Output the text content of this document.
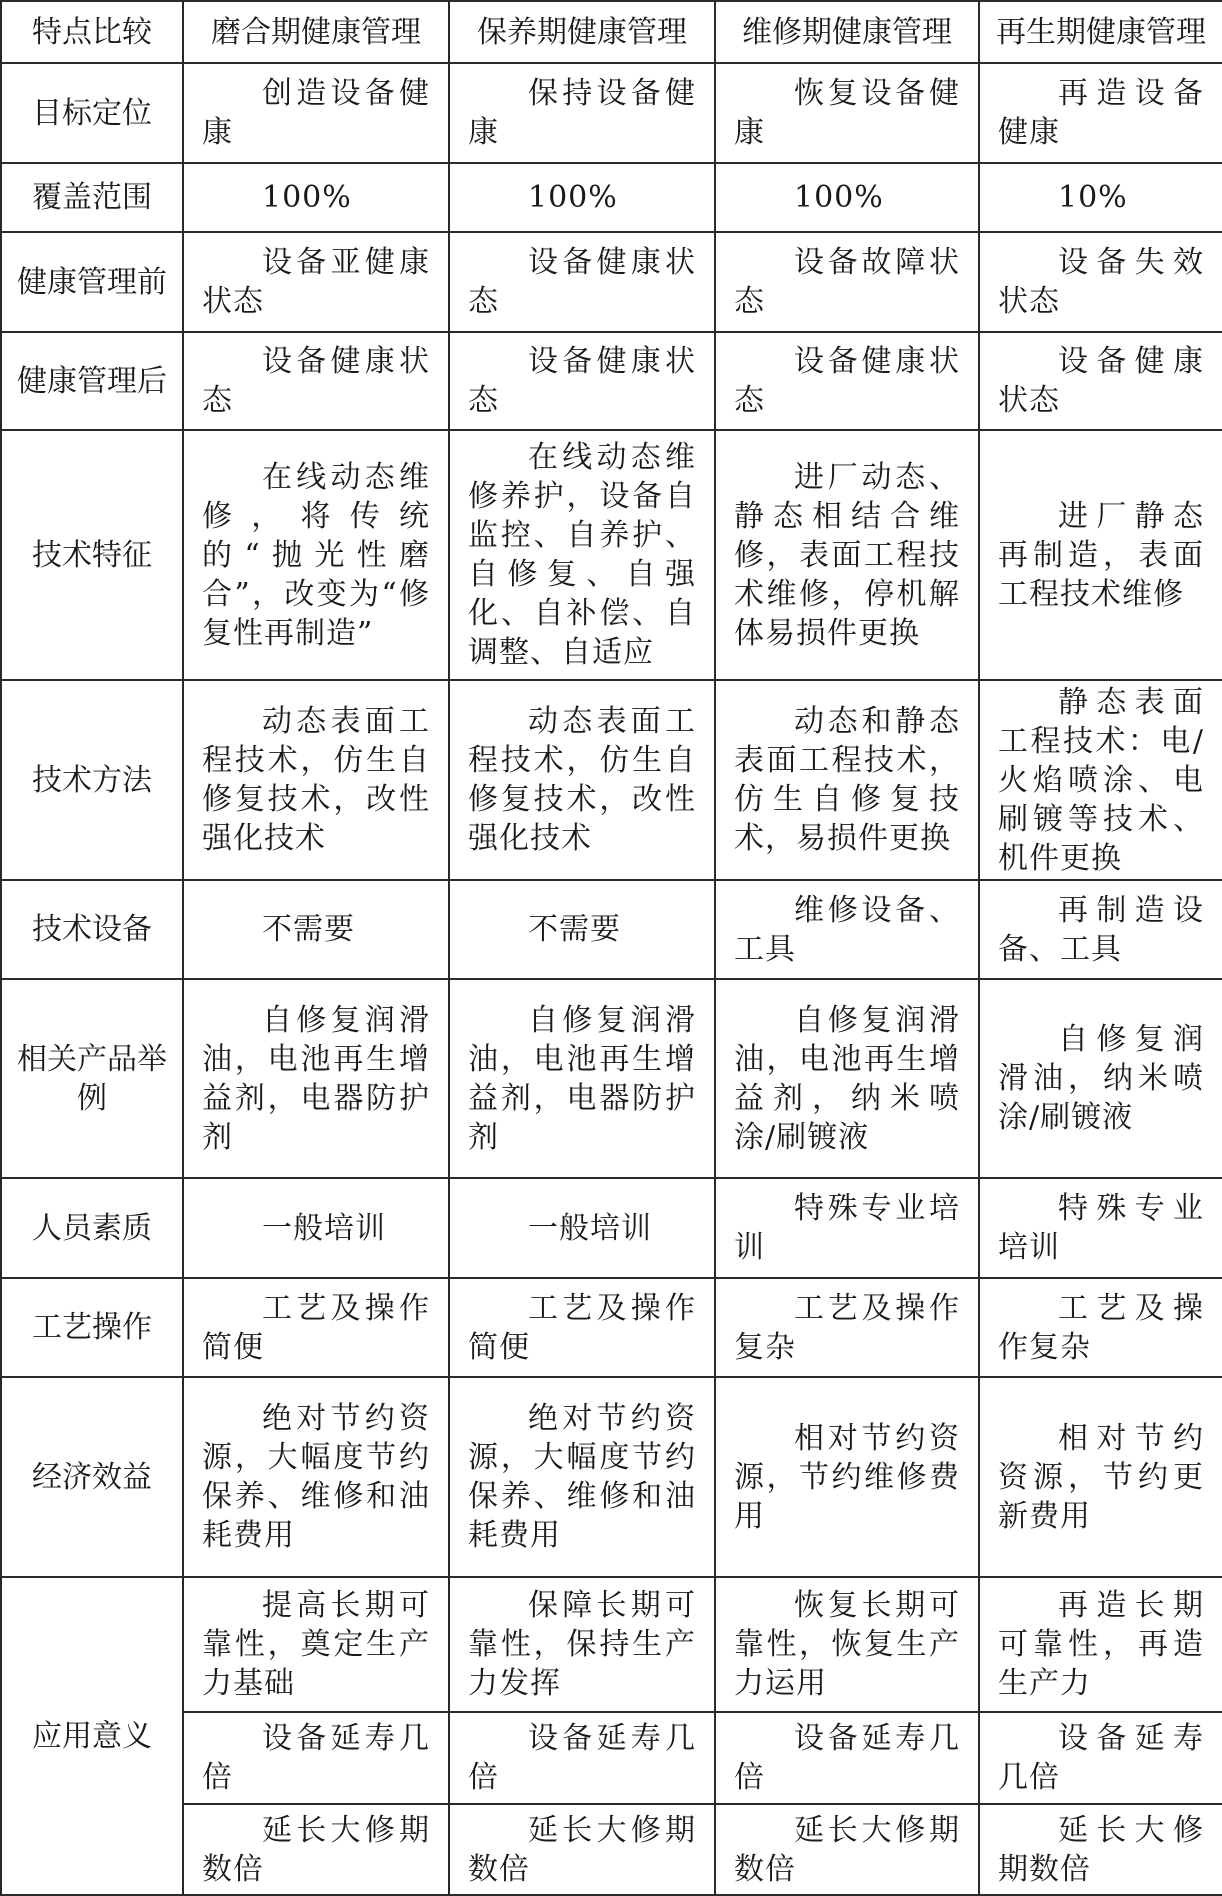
特点比较	磨合期健康管理	保养期健康管理	维修期健康管理	再生期健康管理
目标定位	创造设备健康	保持设备健康	恢复设备健康	再造设备健康
覆盖范围	100%	100%	100%	10%
健康管理前	设备亚健康状态	设备健康状态	设备故障状态	设备失效状态
健康管理后	设备健康状态	设备健康状态	设备健康状态	设备健康状态
技术特征	在线动态维修，将传统的“抛光性磨合”，改变为“修复性再制造”	在线动态维修养护，设备自监控、自养护、自修复、自强化、自补偿、自调整、自适应	进厂动态、静态相结合维修，表面工程技术维修，停机解体易损件更换	进厂静态再制造，表面工程技术维修
技术方法	动态表面工程技术，仿生自修复技术，改性强化技术	动态表面工程技术，仿生自修复技术，改性强化技术	动态和静态表面工程技术，仿生自修复技术，易损件更换	静态表面工程技术：电/火焰喷涂、电刷镀等技术、机件更换
技术设备	不需要	不需要	维修设备、工具	再制造设备、工具
相关产品举例	自修复润滑油，电池再生增益剂，电器防护剂	自修复润滑油，电池再生增益剂，电器防护剂	自修复润滑油，电池再生增益剂，纳米喷涂/刷镀液	自修复润滑油，纳米喷涂/刷镀液
人员素质	一般培训	一般培训	特殊专业培训	特殊专业培训
工艺操作	工艺及操作简便	工艺及操作简便	工艺及操作复杂	工艺及操作复杂
经济效益	绝对节约资源，大幅度节约保养、维修和油耗费用	绝对节约资源，大幅度节约保养、维修和油耗费用	相对节约资源，节约维修费用	相对节约资源，节约更新费用
应用意义	提高长期可靠性，奠定生产力基础	保障长期可靠性，保持生产力发挥	恢复长期可靠性，恢复生产力运用	再造长期可靠性，再造生产力
	设备延寿几倍	设备延寿几倍	设备延寿几倍	设备延寿几倍
	延长大修期数倍	延长大修期数倍	延长大修期数倍	延长大修期数倍
